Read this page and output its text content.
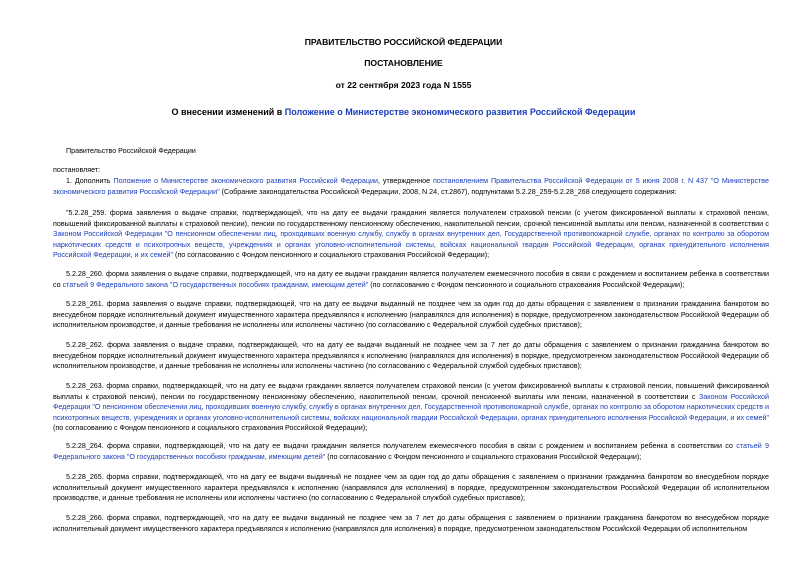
ПРАВИТЕЛЬСТВО РОССИЙСКОЙ ФЕДЕРАЦИИ
ПОСТАНОВЛЕНИЕ
от 22 сентября 2023 года N 1555
О внесении изменений в Положение о Министерстве экономического развития Российской Федерации

Правительство Российской Федерации

постановляет:

1. Дополнить Положение о Министерстве экономического развития Российской Федерации, утвержденное постановлением Правительства Российской Федерации от 5 июня 2008 г. N 437 "О Министерстве экономического развития Российской Федерации" (Собрание законодательства Российской Федерации, 2008, N 24, ст.2867), подпунктами 5.2.28_259-5.2.28_268 следующего содержания:

"5.2.28_259. форма заявления о выдаче справки, подтверждающей, что на дату ее выдачи гражданин является получателем страховой пенсии (с учетом фиксированной выплаты к страховой пенсии, повышений фиксированной выплаты к страховой пенсии), пенсии по государственному пенсионному обеспечению, накопительной пенсии, срочной пенсионной выплаты или пенсии, назначенной в соответствии с Законом Российской Федерации "О пенсионном обеспечении лиц, проходивших военную службу, службу в органах внутренних дел, Государственной противопожарной службе, органах по контролю за оборотом наркотических средств и психотропных веществ, учреждениях и органах уголовно-исполнительной системы, войсках национальной гвардии Российской Федерации, органах принудительного исполнения Российской Федерации, и их семей" (по согласованию с Фондом пенсионного и социального страхования Российской Федерации);

5.2.28_260. форма заявления о выдаче справки, подтверждающей, что на дату ее выдачи гражданин является получателем ежемесячного пособия в связи с рождением и воспитанием ребенка в соответствии со статьей 9 Федерального закона "О государственных пособиях гражданам, имеющим детей" (по согласованию с Фондом пенсионного и социального страхования Российской Федерации);

5.2.28_261. форма заявления о выдаче справки, подтверждающей, что на дату ее выдачи выданный не позднее чем за один год до даты обращения с заявлением о признании гражданина банкротом во внесудебном порядке исполнительный документ имущественного характера предъявлялся к исполнению (направлялся для исполнения) в порядке, предусмотренном законодательством Российской Федерации об исполнительном производстве, и данные требования не исполнены или исполнены частично (по согласованию с Федеральной службой судебных приставов);

5.2.28_262. форма заявления о выдаче справки, подтверждающей, что на дату ее выдачи выданный не позднее чем за 7 лет до даты обращения с заявлением о признании гражданина банкротом во внесудебном порядке исполнительный документ имущественного характера предъявлялся к исполнению (направлялся для исполнения) в порядке, предусмотренном законодательством Российской Федерации об исполнительном производстве, и данные требования не исполнены или исполнены частично (по согласованию с Федеральной службой судебных приставов);

5.2.28_263. форма справки, подтверждающей, что на дату ее выдачи гражданин является получателем страховой пенсии (с учетом фиксированной выплаты к страховой пенсии, повышений фиксированной выплаты к страховой пенсии), пенсии по государственному пенсионному обеспечению, накопительной пенсии, срочной пенсионной выплаты или пенсии, назначенной в соответствии с Законом Российской Федерации "О пенсионном обеспечении лиц, проходивших военную службу, службу в органах внутренних дел, Государственной противопожарной службе, органах по контролю за оборотом наркотических средств и психотропных веществ, учреждениях и органах уголовно-исполнительной системы, войсках национальной гвардии Российской Федерации, органах принудительного исполнения Российской Федерации, и их семей" (по согласованию с Фондом пенсионного и социального страхования Российской Федерации);

5.2.28_264. форма справки, подтверждающей, что на дату ее выдачи гражданин является получателем ежемесячного пособия в связи с рождением и воспитанием ребенка в соответствии со статьей 9 Федерального закона "О государственных пособиях гражданам, имеющим детей" (по согласованию с Фондом пенсионного и социального страхования Российской Федерации);

5.2.28_265. форма справки, подтверждающей, что на дату ее выдачи выданный не позднее чем за один год до даты обращения с заявлением о признании гражданина банкротом во внесудебном порядке исполнительный документ имущественного характера предъявлялся к исполнению (направлялся для исполнения) в порядке, предусмотренном законодательством Российской Федерации об исполнительном производстве, и данные требования не исполнены или исполнены частично (по согласованию с Федеральной службой судебных приставов);

5.2.28_266. форма справки, подтверждающей, что на дату ее выдачи выданный не позднее чем за 7 лет до даты обращения с заявлением о признании гражданина банкротом во внесудебном порядке исполнительный документ имущественного характера предъявлялся к исполнению (направлялся для исполнения) в порядке, предусмотренном законодательством Российской Федерации об исполнительном
